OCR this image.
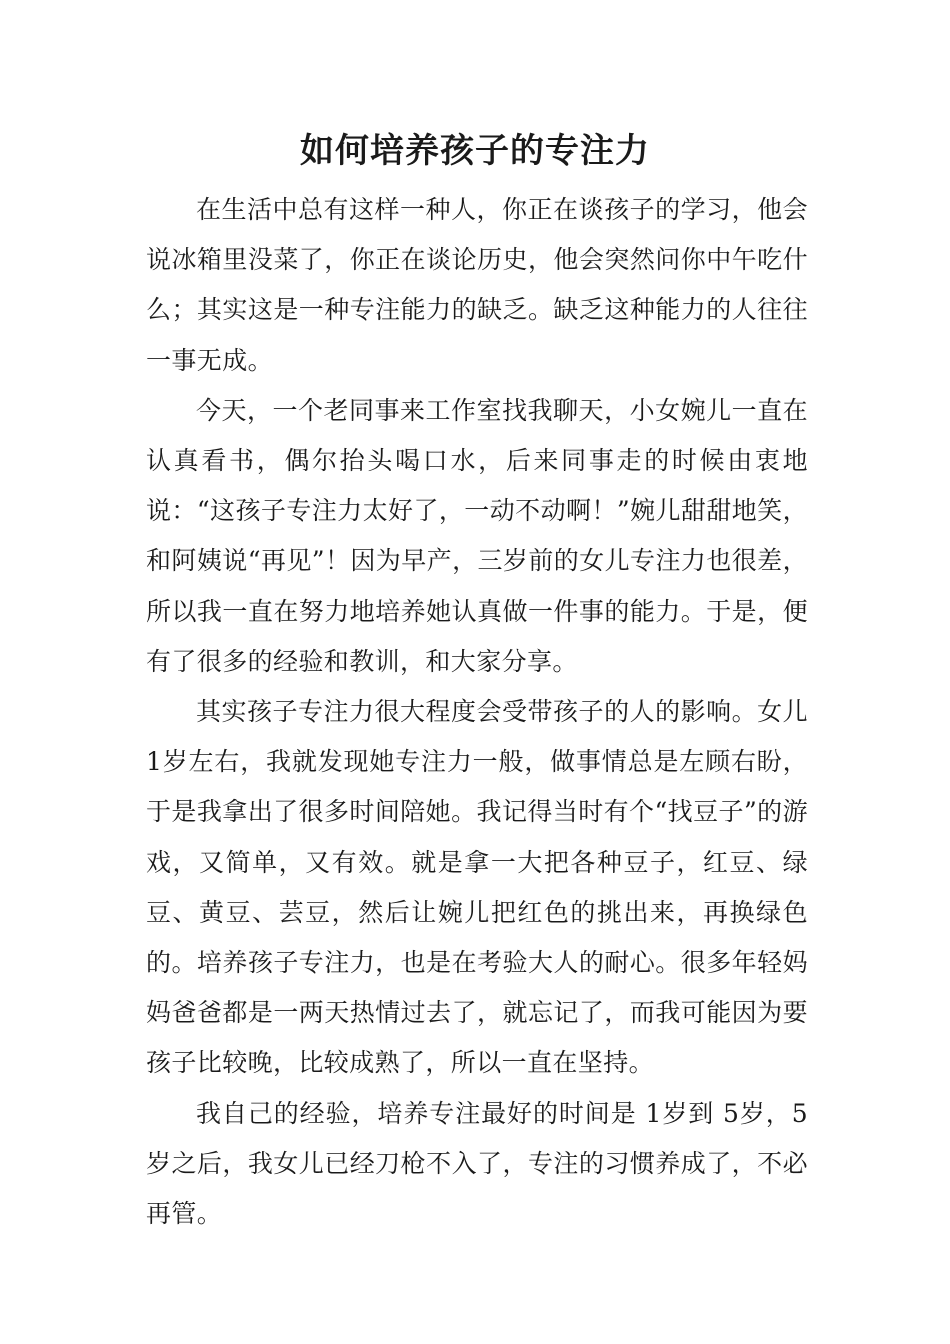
如何培养孩子的专注力

在生活中总有这样一种人，你正在谈孩子的学习，他会说冰箱里没菜了，你正在谈论历史，他会突然问你中午吃什么；其实这是一种专注能力的缺乏。缺乏这种能力的人往往一事无成。

今天，一个老同事来工作室找我聊天，小女婉儿一直在认真看书，偶尔抬头喝口水，后来同事走的时候由衷地说：“这孩子专注力太好了，一动不动啊！”婉儿甜甜地笑，和阿姨说“再见”！因为早产，三岁前的女儿专注力也很差，所以我一直在努力地培养她认真做一件事的能力。于是，便有了很多的经验和教训，和大家分享。

其实孩子专注力很大程度会受带孩子的人的影响。女儿1岁左右，我就发现她专注力一般，做事情总是左顾右盼，于是我拿出了很多时间陪她。我记得当时有个“找豆子”的游戏，又简单，又有效。就是拿一大把各种豆子，红豆、绿豆、黄豆、芸豆，然后让婉儿把红色的挑出来，再换绿色的。培养孩子专注力，也是在考验大人的耐心。很多年轻妈妈爸爸都是一两天热情过去了，就忘记了，而我可能因为要孩子比较晚，比较成熟了，所以一直在坚持。

我自己的经验，培养专注最好的时间是 1岁到 5岁，5岁之后，我女儿已经刀枪不入了，专注的习惯养成了，不必再管。
